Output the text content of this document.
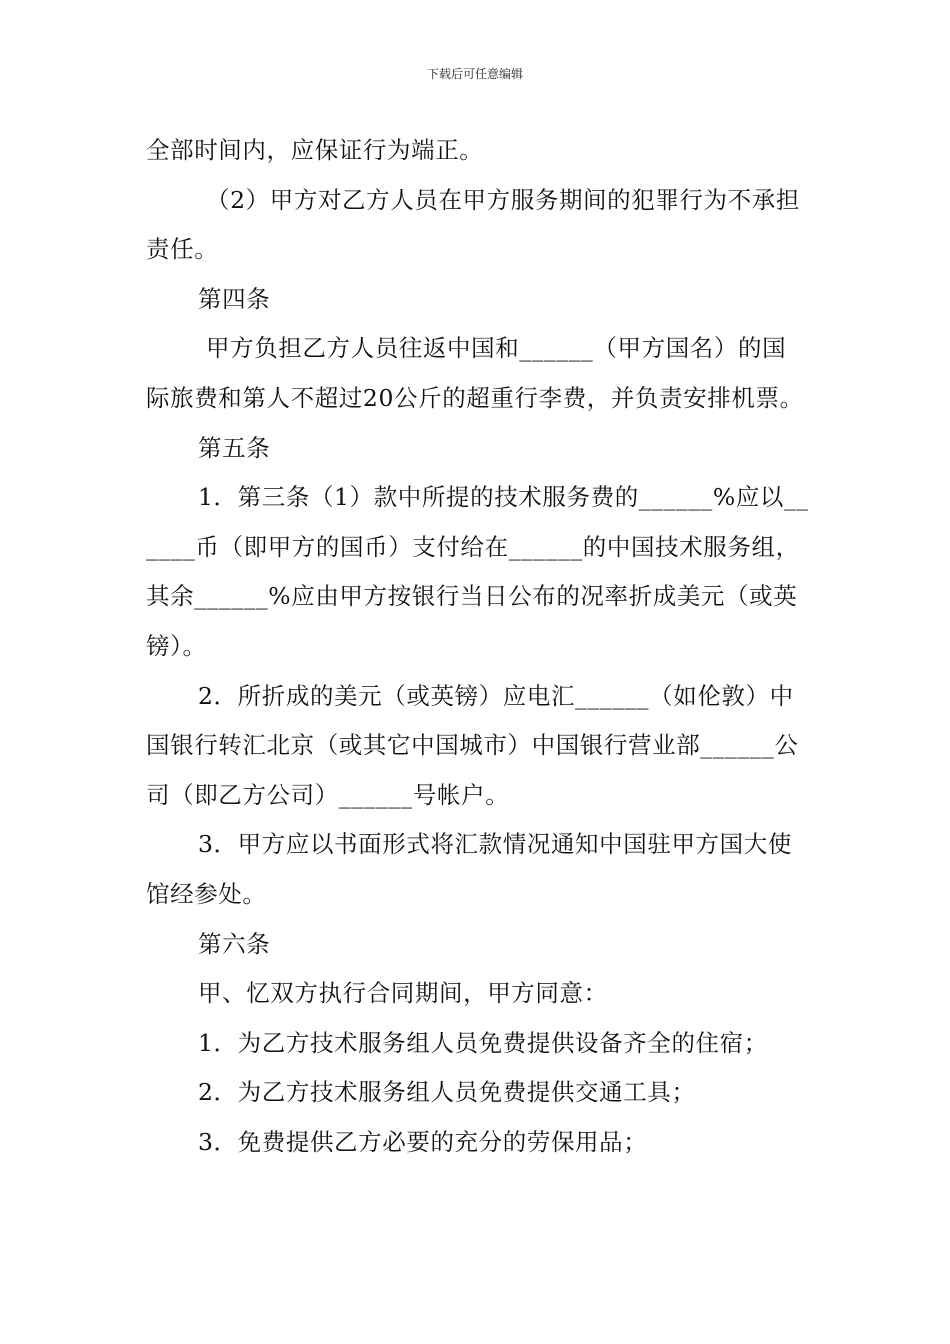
下载后可任意编辑

全部时间内，应保证行为端正。

（2）甲方对乙方人员在甲方服务期间的犯罪行为不承担责任。

第四条

甲方负担乙方人员往返中国和______（甲方国名）的国际旅费和第人不超过20公斤的超重行李费，并负责安排机票。

第五条

1．第三条（1）款中所提的技术服务费的______%应以______币（即甲方的国币）支付给在______的中国技术服务组，其余______%应由甲方按银行当日公布的况率折成美元（或英镑）。

2．所折成的美元（或英镑）应电汇______（如伦敦）中国银行转汇北京（或其它中国城市）中国银行营业部______公司（即乙方公司）______号帐户。

3．甲方应以书面形式将汇款情况通知中国驻甲方国大使馆经参处。

第六条

甲、忆双方执行合同期间，甲方同意：

1．为乙方技术服务组人员免费提供设备齐全的住宿；

2．为乙方技术服务组人员免费提供交通工具；

3．免费提供乙方必要的充分的劳保用品；
